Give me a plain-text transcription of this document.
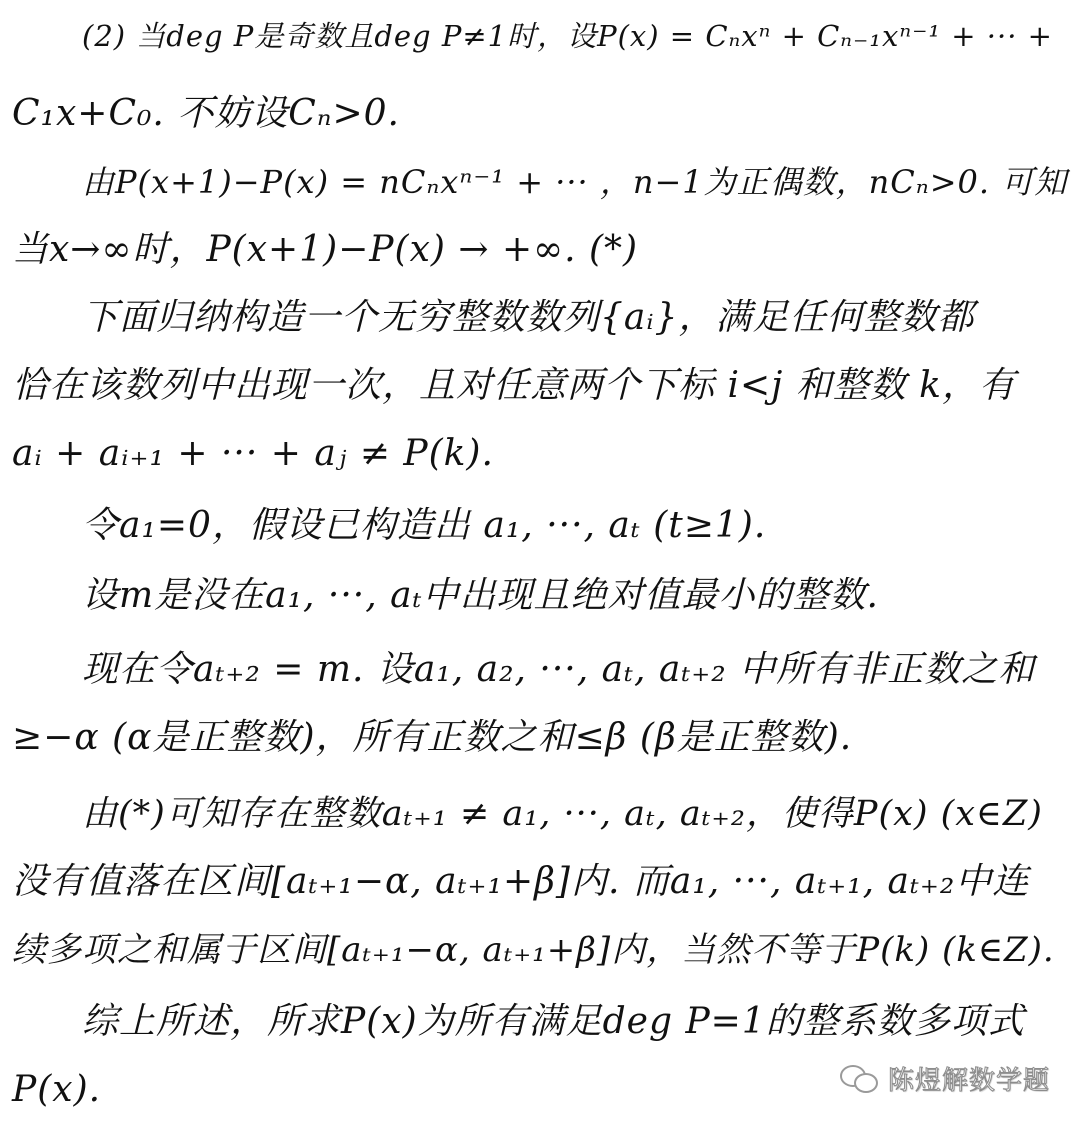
(2) 当deg P是奇数且deg P≠1时，设P(x) = Cₙxⁿ + Cₙ₋₁xⁿ⁻¹ + ··· +
C₁x+C₀. 不妨设Cₙ>0.
由P(x+1)−P(x) = nCₙxⁿ⁻¹ + ··· ，n−1为正偶数，nCₙ>0. 可知
当x→∞时，P(x+1)−P(x) → +∞. (*)
下面归纳构造一个无穷整数数列{aᵢ}，满足任何整数都
恰在该数列中出现一次，且对任意两个下标 i<j 和整数 k，有
aᵢ + aᵢ₊₁ + ··· + aⱼ ≠ P(k).
令a₁=0，假设已构造出 a₁, ···, aₜ (t≥1).
设m是没在a₁, ···, aₜ中出现且绝对值最小的整数.
现在令aₜ₊₂ = m. 设a₁, a₂, ···, aₜ, aₜ₊₂ 中所有非正数之和
≥−α (α是正整数)，所有正数之和≤β (β是正整数).
由(*)可知存在整数aₜ₊₁ ≠ a₁, ···, aₜ, aₜ₊₂，使得P(x) (x∈Z)
没有值落在区间[aₜ₊₁−α, aₜ₊₁+β]内. 而a₁, ···, aₜ₊₁, aₜ₊₂中连
续多项之和属于区间[aₜ₊₁−α, aₜ₊₁+β]内，当然不等于P(k) (k∈Z).
综上所述，所求P(x)为所有满足deg P=1的整系数多项式
P(x).	陈煜解数学题
